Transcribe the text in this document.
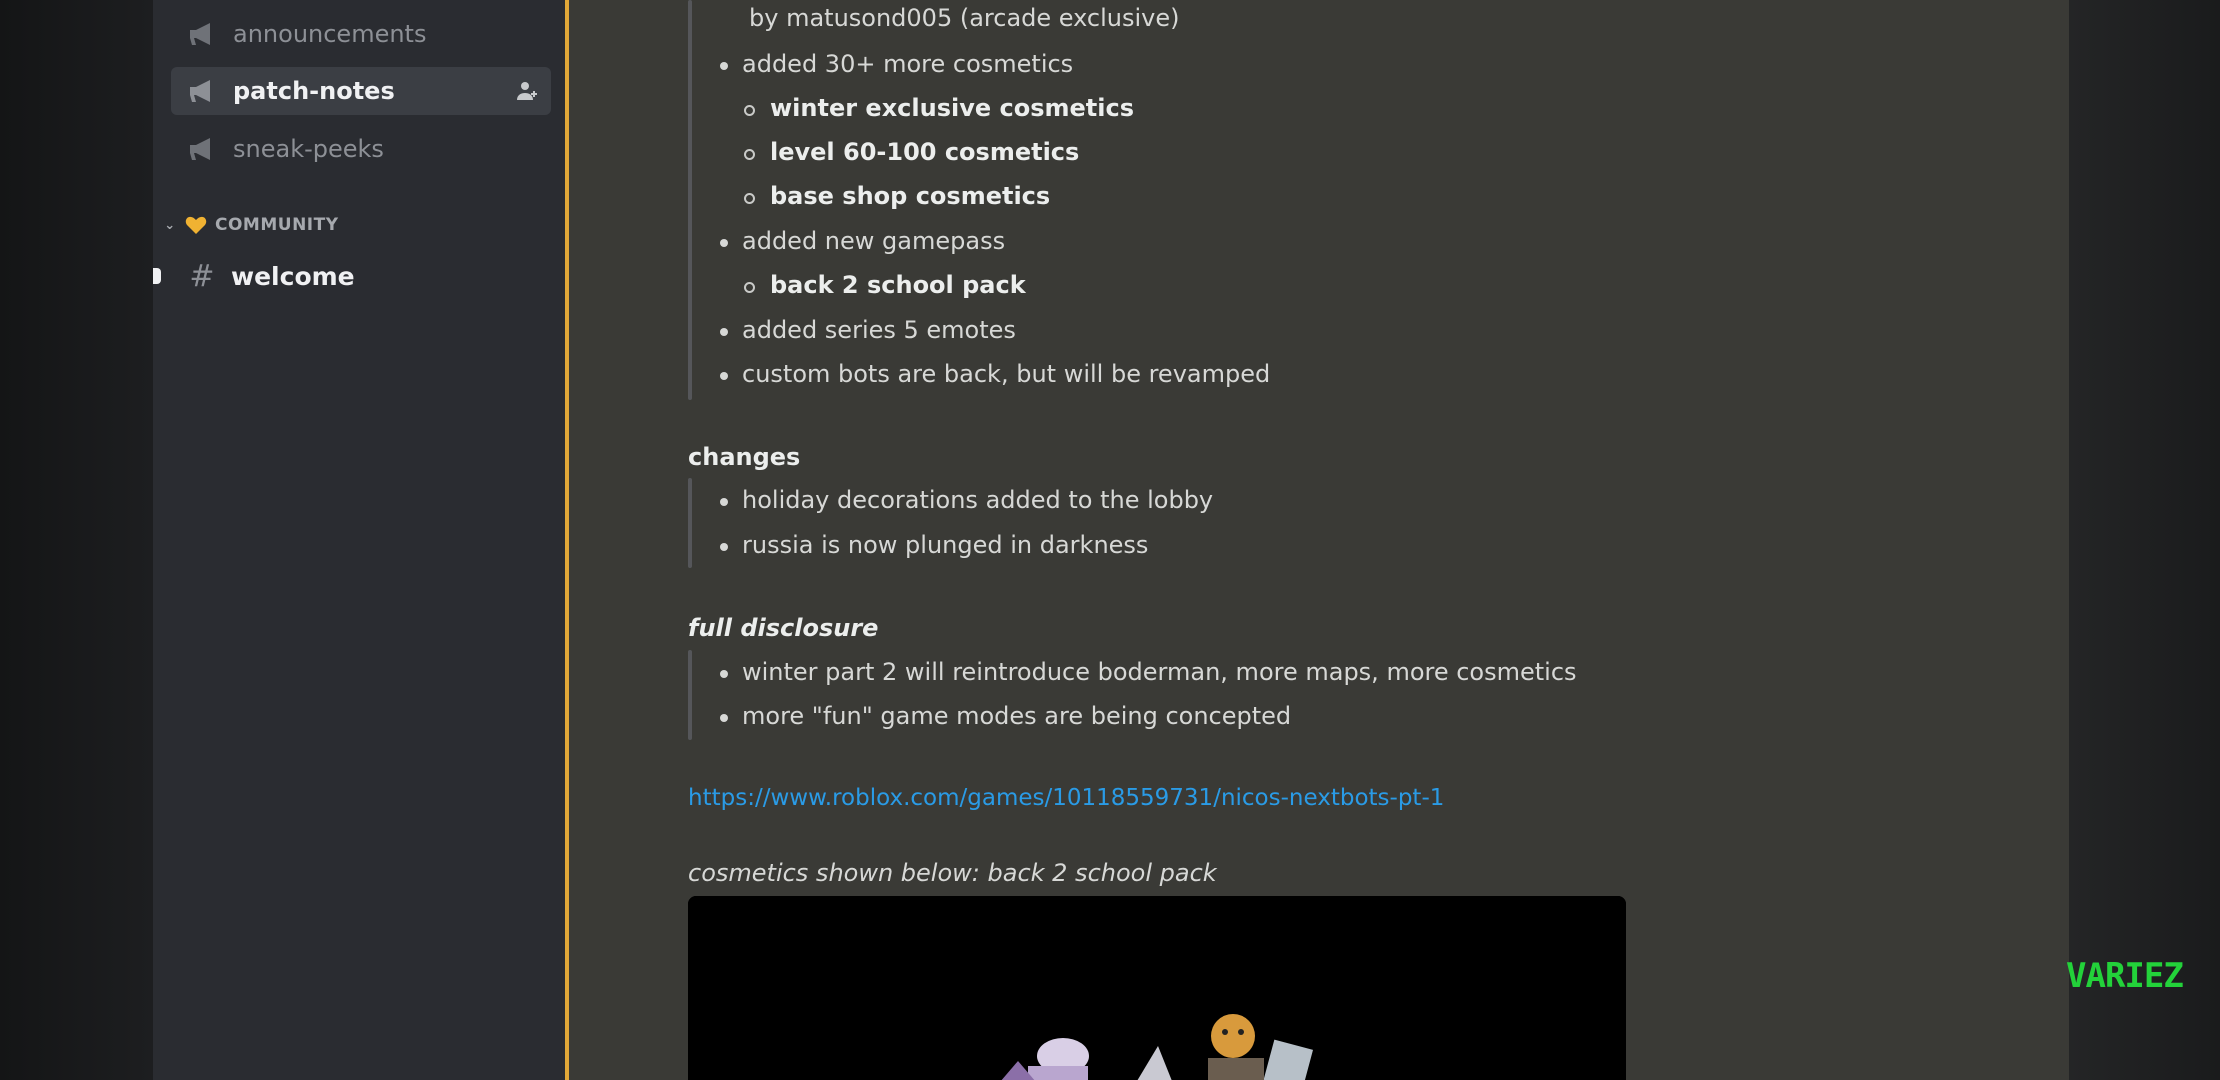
announcements
patch-notes
sneak-peeks
⌄ COMMUNITY
# welcome
by matusond005 (arcade exclusive)
added 30+ more cosmetics
winter exclusive cosmetics
level 60-100 cosmetics
base shop cosmetics
added new gamepass
back 2 school pack
added series 5 emotes
custom bots are back, but will be revamped
changes
holiday decorations added to the lobby
russia is now plunged in darkness
full disclosure
winter part 2 will reintroduce boderman, more maps, more cosmetics
more "fun" game modes are being concepted
https://www.roblox.com/games/10118559731/nicos-nextbots-pt-1
cosmetics shown below: back 2 school pack
VARIEZ
